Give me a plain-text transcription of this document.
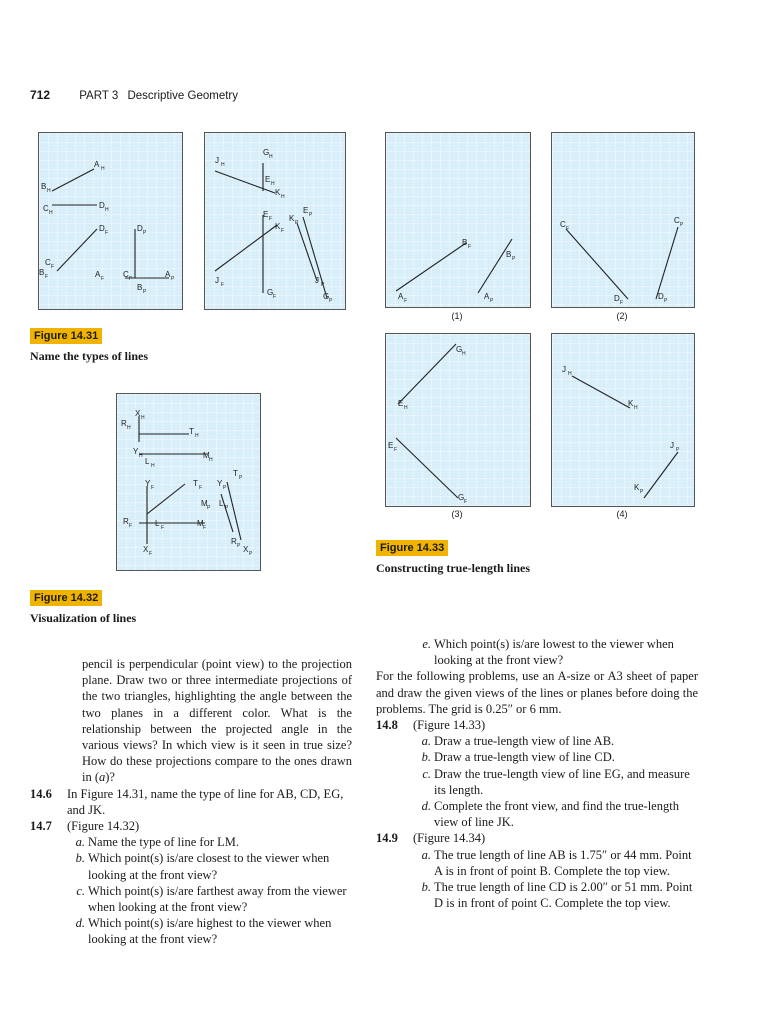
712	PART 3 Descriptive Geometry
A H
B H
C H
D H
D F	D P
C F
B F	A F C P	A P
B P
G H
J H
E H
K H
E F
E P
K P
K F
J F
G F
J P
G P
Figure 14.31
Name the types of lines
R H
X H
T H
Y H
L H
M H
T P
Y F	T F Y P
M P L P
R F	L F	M F
R P
X F	X P
Figure 14.32
Visualization of lines
B F
B P
A F	A P
(1)
C F
C P
D F
D P
(2)
G H
E H
E F
G F
(3)
J H
K H
J P
K P
(4)
Figure 14.33
Constructing true-length lines

pencil is perpendicular (point view) to the projection plane. Draw two or three intermediate projections of the two triangles, highlighting the angle between the two planes in a different color. What is the relationship between the projected angle in the various views? In which view is it seen in true size? How do these projections compare to the ones drawn in (a)?

14.6	In Figure 14.31, name the type of line for AB, CD, EG, and JK.
14.7	(Figure 14.32)
a. Name the type of line for LM.
b. Which point(s) is/are closest to the viewer when looking at the front view?
c. Which point(s) is/are farthest away from the viewer when looking at the front view?
d. Which point(s) is/are highest to the viewer when looking at the front view?
e. Which point(s) is/are lowest to the viewer when looking at the front view?

For the following problems, use an A-size or A3 sheet of paper and draw the given views of the lines or planes before doing the problems. The grid is 0.25″ or 6 mm.

14.8	(Figure 14.33)
a. Draw a true-length view of line AB.
b. Draw a true-length view of line CD.
c. Draw the true-length view of line EG, and measure its length.
d. Complete the front view, and find the true-length view of line JK.
14.9	(Figure 14.34)
a. The true length of line AB is 1.75″ or 44 mm. Point A is in front of point B. Complete the top view.
b. The true length of line CD is 2.00″ or 51 mm. Point D is in front of point C. Complete the top view.
